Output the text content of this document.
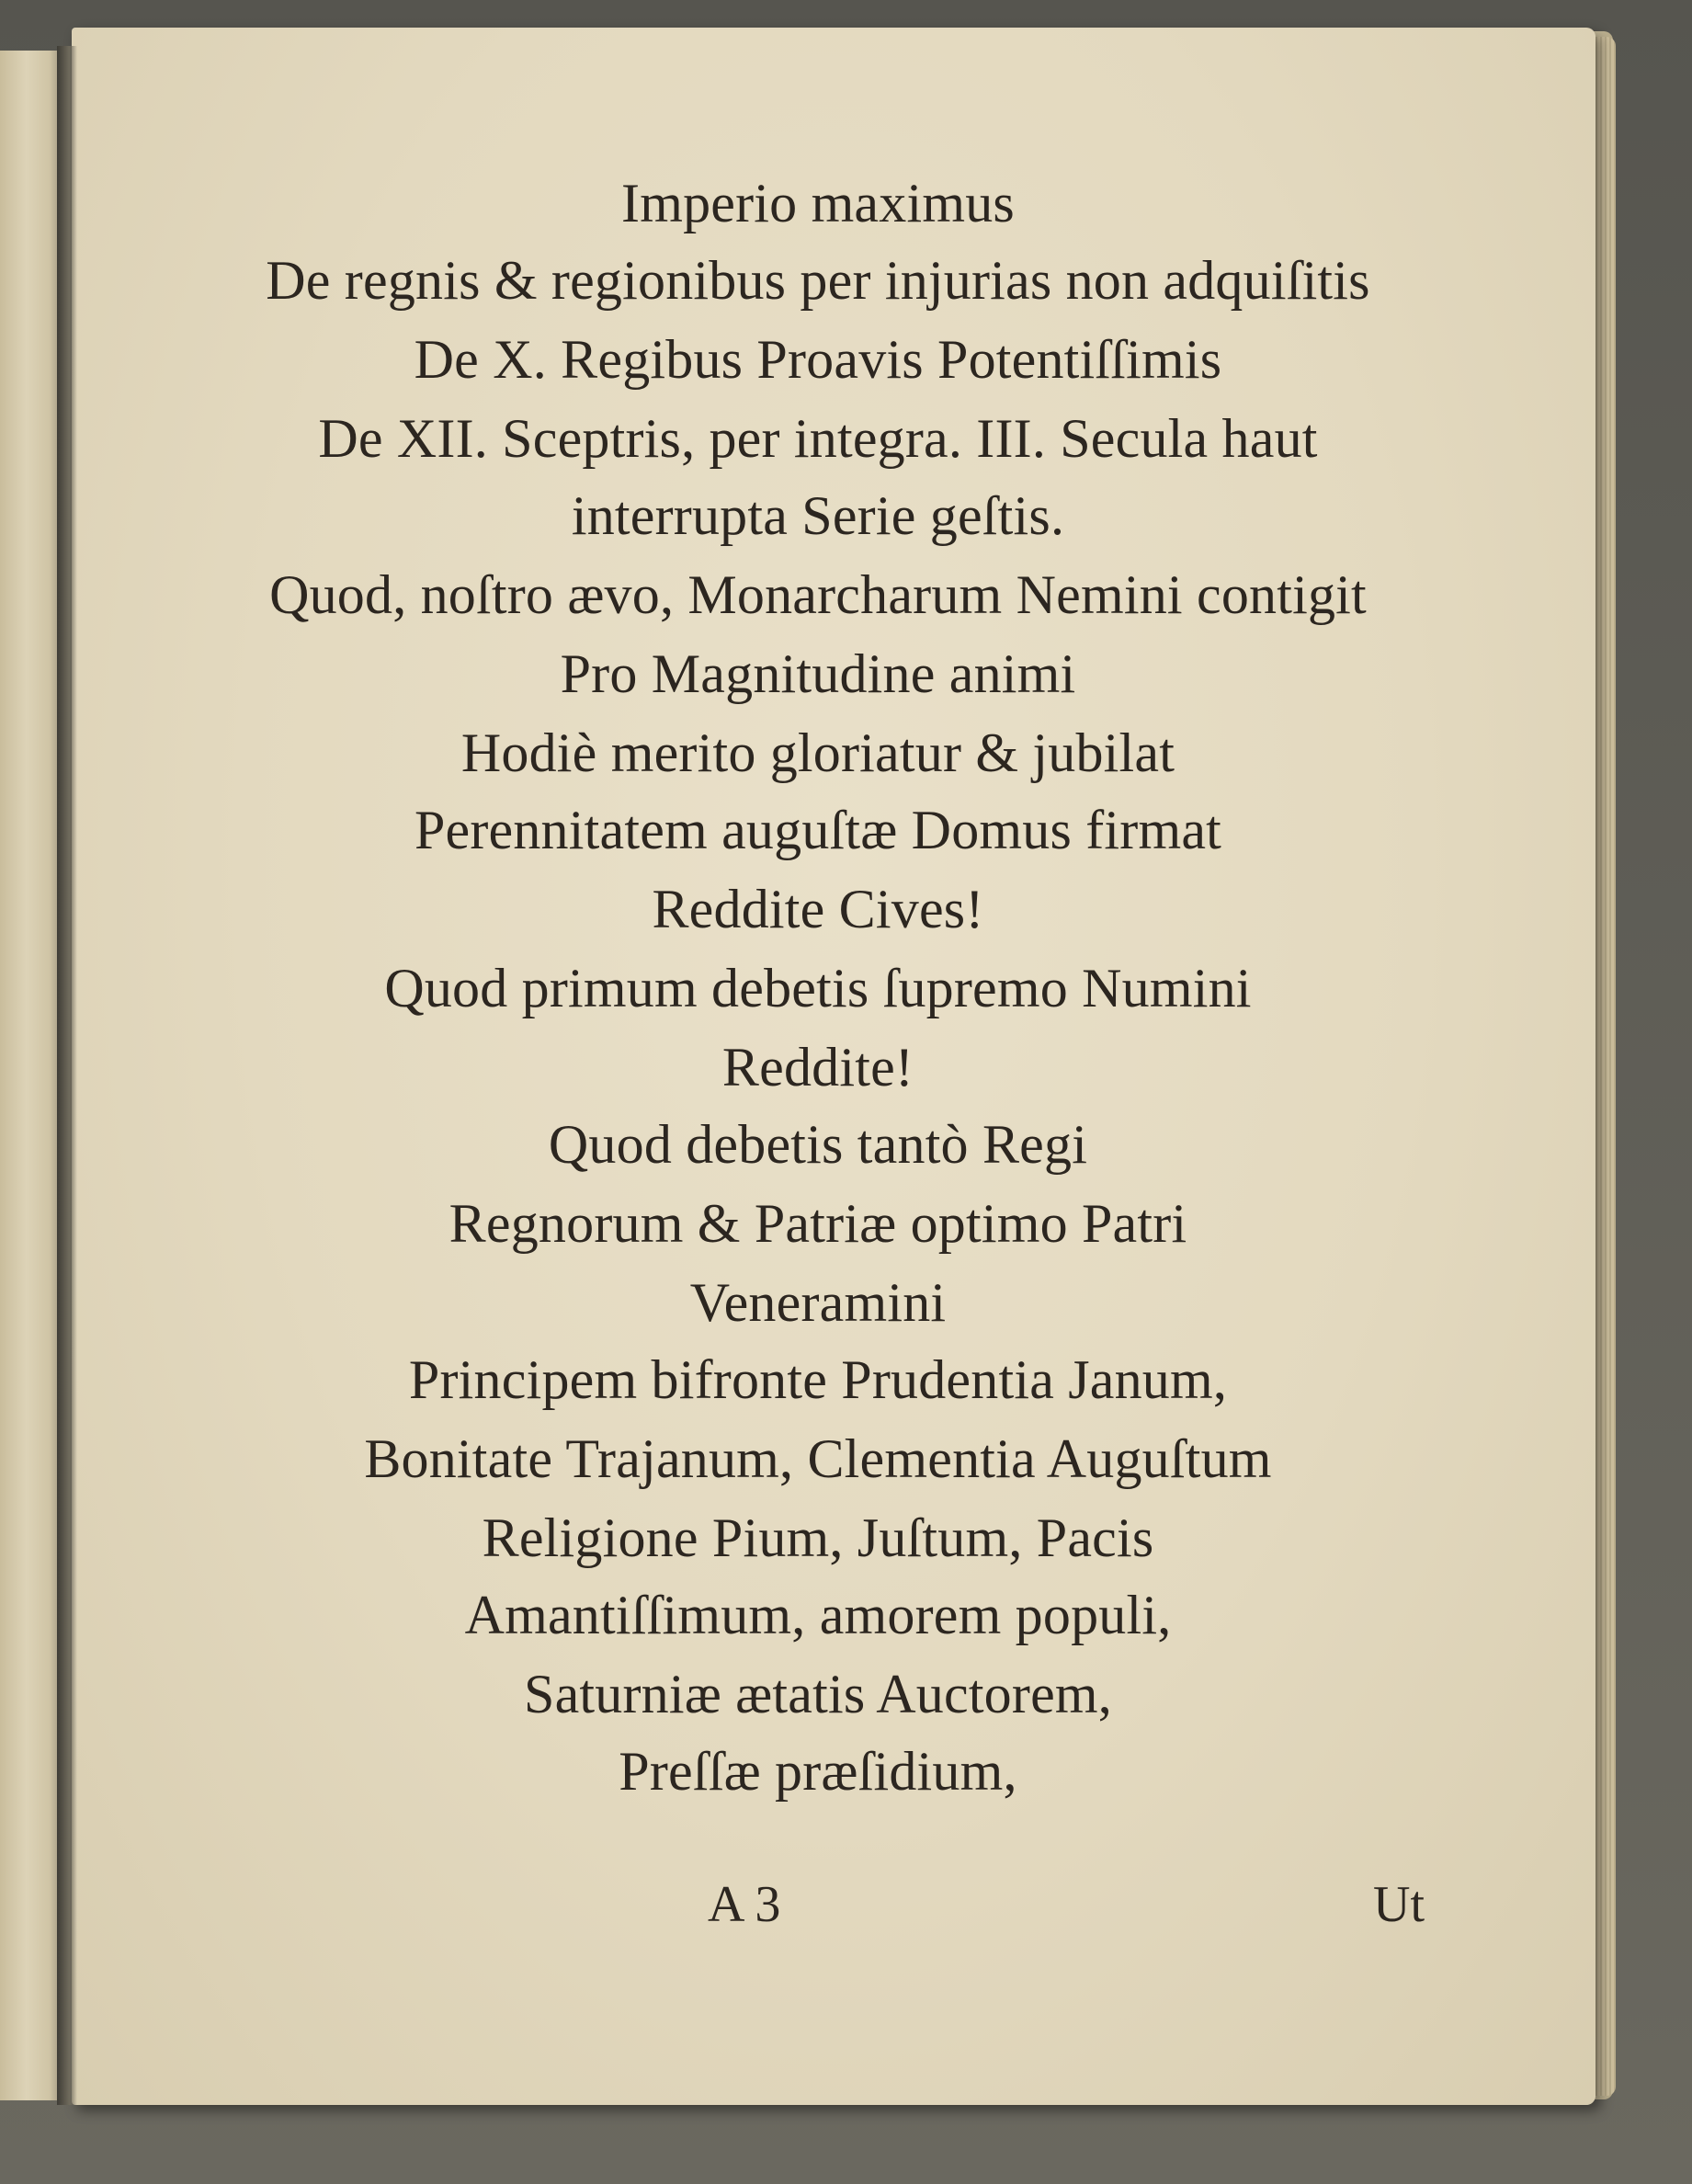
Imperio maximus
De regnis & regionibus per injurias non adquiſitis
De X. Regibus Proavis Potentiſſimis
De XII. Sceptris, per integra. III. Secula haut
interrupta Serie geſtis.
Quod, noſtro ævo, Monarcharum Nemini contigit
Pro Magnitudine animi
Hodiè merito gloriatur & jubilat
Perennitatem auguſtæ Domus firmat
Reddite Cives!
Quod primum debetis ſupremo Numini
Reddite!
Quod debetis tantò Regi
Regnorum & Patriæ optimo Patri
Veneramini
Principem bifronte Prudentia Janum,
Bonitate Trajanum, Clementia Auguſtum
Religione Pium, Juſtum, Pacis
Amantiſſimum, amorem populi,
Saturniæ ætatis Auctorem,
Preſſæ præſidium,
A 3	Ut
